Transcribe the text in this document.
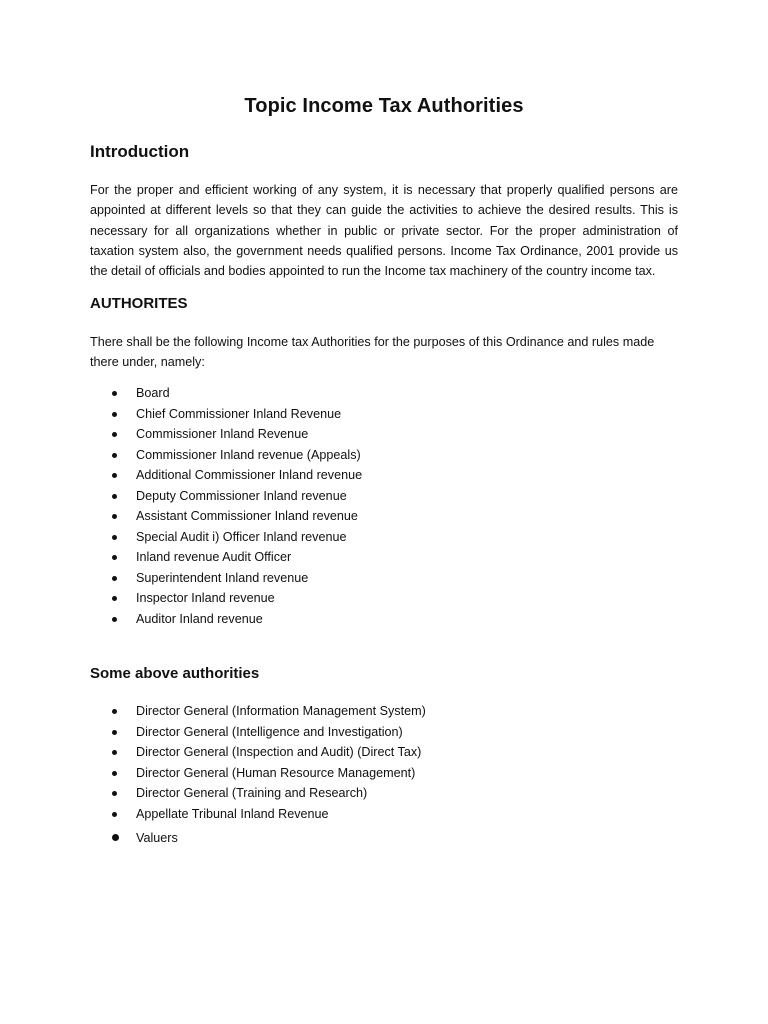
Topic Income Tax Authorities
Introduction
For the proper and efficient working of any system, it is necessary that properly qualified persons are appointed at different levels so that they can guide the activities to achieve the desired results. This is necessary for all organizations whether in public or private sector. For the proper administration of taxation system also, the government needs qualified persons. Income Tax Ordinance, 2001 provide us the detail of officials and bodies appointed to run the Income tax machinery of the country income tax.
AUTHORITES
There shall be the following Income tax Authorities for the purposes of this Ordinance and rules made there under, namely:
Board
Chief Commissioner Inland Revenue
Commissioner Inland Revenue
Commissioner Inland revenue (Appeals)
Additional Commissioner Inland revenue
Deputy Commissioner Inland revenue
Assistant Commissioner Inland revenue
Special Audit i) Officer Inland revenue
Inland revenue Audit Officer
Superintendent Inland revenue
Inspector Inland revenue
Auditor Inland revenue
Some above authorities
Director General (Information Management System)
Director General (Intelligence and Investigation)
Director General (Inspection and Audit) (Direct Tax)
Director General (Human Resource Management)
Director General (Training and Research)
Appellate Tribunal Inland Revenue
Valuers
